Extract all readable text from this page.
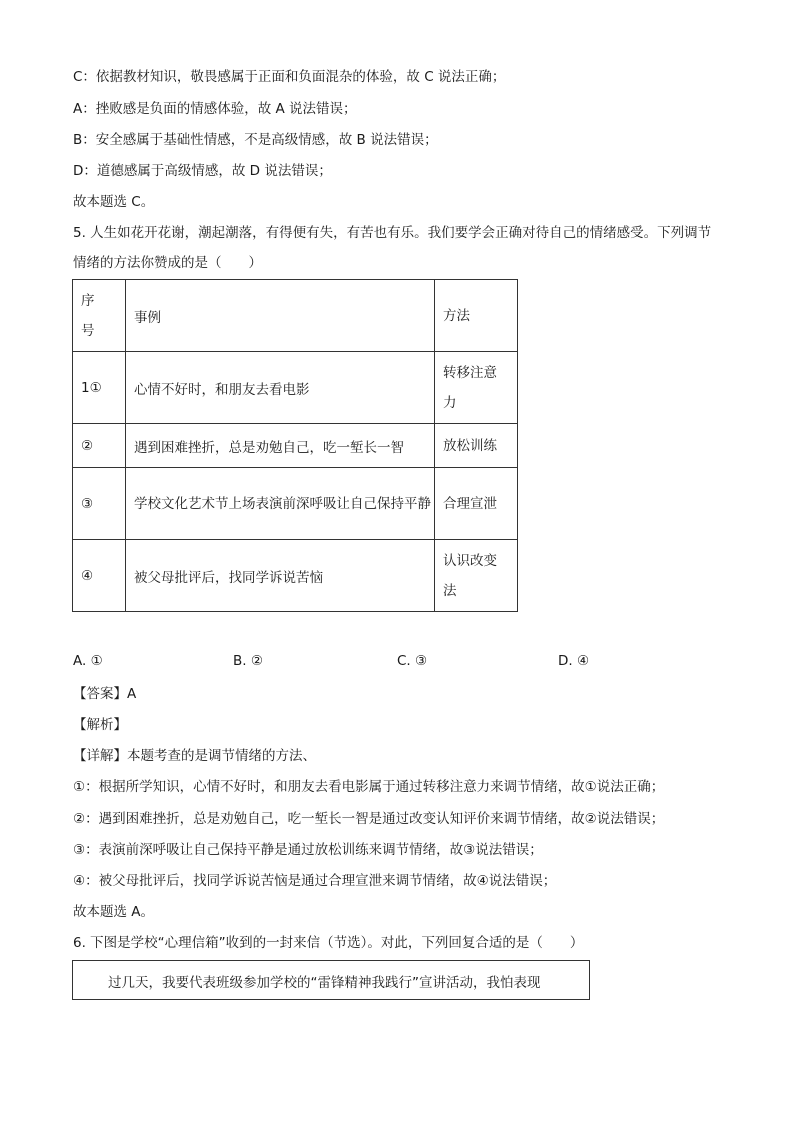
C：依据教材知识，敬畏感属于正面和负面混杂的体验，故 C 说法正确；
A：挫败感是负面的情感体验，故 A 说法错误；
B：安全感属于基础性情感，不是高级情感，故 B 说法错误；
D：道德感属于高级情感，故 D 说法错误；
故本题选 C。
5. 人生如花开花谢，潮起潮落，有得便有失，有苦也有乐。我们要学会正确对待自己的情绪感受。下列调节情绪的方法你赞成的是（　　）
序号	事例	方法
1①	心情不好时，和朋友去看电影	转移注意力

②	遇到困难挫折，总是劝勉自己，吃一堑长一智	放松训练
③	学校文化艺术节上场表演前深呼吸让自己保持平静	合理宣泄
④	被父母批评后，找同学诉说苦恼	认识改变法
A. ①	B. ②	C. ③	D. ④
【答案】A
【解析】
【详解】本题考查的是调节情绪的方法、
①：根据所学知识，心情不好时，和朋友去看电影属于通过转移注意力来调节情绪，故①说法正确；
②：遇到困难挫折，总是劝勉自己，吃一堑长一智是通过改变认知评价来调节情绪，故②说法错误；
③：表演前深呼吸让自己保持平静是通过放松训练来调节情绪，故③说法错误；
④：被父母批评后，找同学诉说苦恼是通过合理宣泄来调节情绪，故④说法错误；
故本题选 A。
6. 下图是学校“心理信箱”收到的一封来信（节选）。对此，下列回复合适的是（　　）
过几天，我要代表班级参加学校的“雷锋精神我践行”宣讲活动，我怕表现
